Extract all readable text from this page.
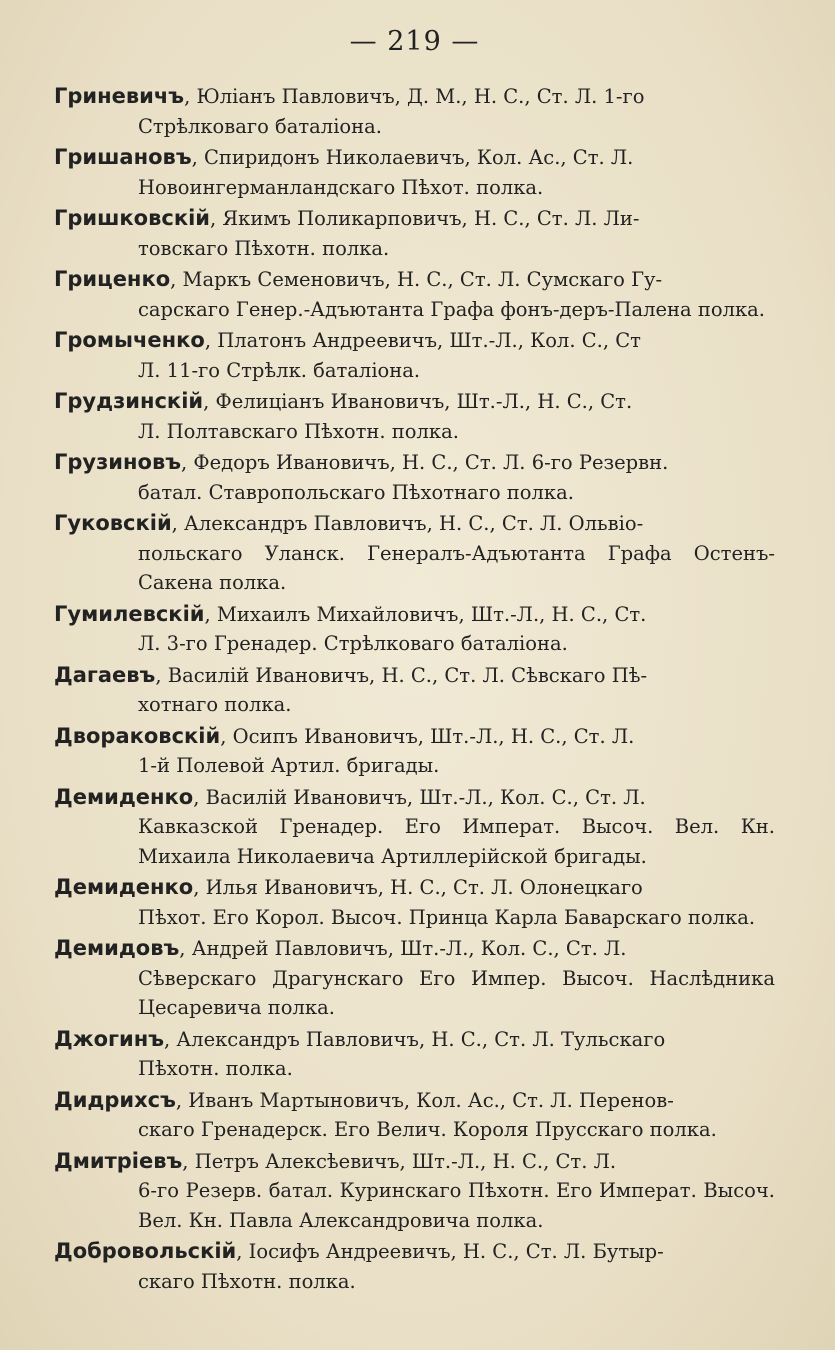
— 219 —
Гриневичъ, Юліанъ Павловичъ, Д. М., Н. С., Ст. Л. 1-го
Стрѣлковаго баталіона.
Гришановъ, Спиридонъ Николаевичъ, Кол. Ас., Ст. Л.
Новоингерманландскаго Пѣхот. полка.
Гришковскій, Якимъ Поликарповичъ, Н. С., Ст. Л. Ли-
товскаго Пѣхотн. полка.
Гриценко, Маркъ Семеновичъ, Н. С., Ст. Л. Сумскаго Гу-
сарскаго Генер.-Адъютанта Графа фонъ-деръ-Палена полка.
Громыченко, Платонъ Андреевичъ, Шт.-Л., Кол. С., Ст
Л. 11-го Стрѣлк. баталіона.
Грудзинскій, Фелиціанъ Ивановичъ, Шт.-Л., Н. С., Ст.
Л. Полтавскаго Пѣхотн. полка.
Грузиновъ, Федоръ Ивановичъ, Н. С., Ст. Л. 6-го Резервн.
батал. Ставропольскаго Пѣхотнаго полка.
Гуковскій, Александръ Павловичъ, Н. С., Ст. Л. Ольвіо-
польскаго Уланск. Генералъ-Адъютанта Графа Остенъ-Сакена полка.
Гумилевскій, Михаилъ Михайловичъ, Шт.-Л., Н. С., Ст.
Л. 3-го Гренадер. Стрѣлковаго баталіона.
Дагаевъ, Василій Ивановичъ, Н. С., Ст. Л. Сѣвскаго Пѣ-
хотнаго полка.
Двораковскій, Осипъ Ивановичъ, Шт.-Л., Н. С., Ст. Л.
1-й Полевой Артил. бригады.
Демиденко, Василій Ивановичъ, Шт.-Л., Кол. С., Ст. Л.
Кавказской Гренадер. Его Императ. Высоч. Вел. Кн. Михаила Николаевича Артиллерійской бригады.
Демиденко, Илья Ивановичъ, Н. С., Ст. Л. Олонецкаго
Пѣхот. Его Корол. Высоч. Принца Карла Баварскаго полка.
Демидовъ, Андрей Павловичъ, Шт.-Л., Кол. С., Ст. Л.
Сѣверскаго Драгунскаго Его Импер. Высоч. Наслѣдника Цесаревича полка.
Джогинъ, Александръ Павловичъ, Н. С., Ст. Л. Тульскаго
Пѣхотн. полка.
Дидрихсъ, Иванъ Мартыновичъ, Кол. Ас., Ст. Л. Перенов-
скаго Гренадерск. Его Велич. Короля Прусскаго полка.
Дмитріевъ, Петръ Алексѣевичъ, Шт.-Л., Н. С., Ст. Л.
6-го Резерв. батал. Куринскаго Пѣхотн. Его Императ. Высоч. Вел. Кн. Павла Александровича полка.
Добровольскій, Іосифъ Андреевичъ, Н. С., Ст. Л. Бутыр-
скаго Пѣхотн. полка.
